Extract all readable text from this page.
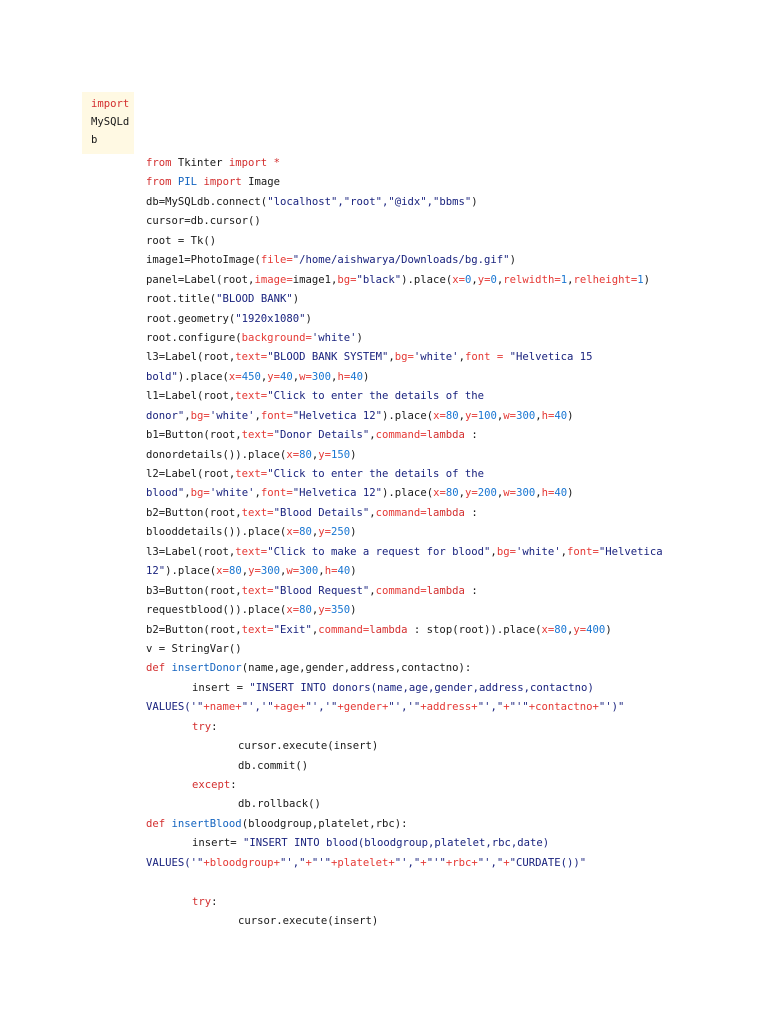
import
MySQLd
b
from Tkinter import *
from PIL import Image
db=MySQLdb.connect("localhost","root","@idx","bbms")
cursor=db.cursor()
root = Tk()
image1=PhotoImage(file="/home/aishwarya/Downloads/bg.gif")
panel=Label(root,image=image1,bg="black").place(x=0,y=0,relwidth=1,relheight=1)
root.title("BLOOD BANK")
root.geometry("1920x1080")
root.configure(background='white')
l3=Label(root,text="BLOOD BANK SYSTEM",bg='white',font = "Helvetica 15
bold").place(x=450,y=40,w=300,h=40)
l1=Label(root,text="Click to enter the details of the
donor",bg='white',font="Helvetica 12").place(x=80,y=100,w=300,h=40)
b1=Button(root,text="Donor Details",command=lambda :
donordetails()).place(x=80,y=150)
l2=Label(root,text="Click to enter the details of the
blood",bg='white',font="Helvetica 12").place(x=80,y=200,w=300,h=40)
b2=Button(root,text="Blood Details",command=lambda :
blooddetails()).place(x=80,y=250)
l3=Label(root,text="Click to make a request for blood",bg='white',font="Helvetica
12").place(x=80,y=300,w=300,h=40)
b3=Button(root,text="Blood Request",command=lambda :
requestblood()).place(x=80,y=350)
b2=Button(root,text="Exit",command=lambda : stop(root)).place(x=80,y=400)
v = StringVar()
def insertDonor(name,age,gender,address,contactno):
insert = "INSERT INTO donors(name,age,gender,address,contactno)
VALUES('"+name+"','"+age+"','"+gender+"','"+address+"',"+"'"+contactno+"')"
try:
cursor.execute(insert)
db.commit()
except:
db.rollback()
def insertBlood(bloodgroup,platelet,rbc):
insert= "INSERT INTO blood(bloodgroup,platelet,rbc,date)
VALUES('"+bloodgroup+"',"+"'"+platelet+"',"+"'"+rbc+"',"+"CURDATE())"
try:
cursor.execute(insert)
